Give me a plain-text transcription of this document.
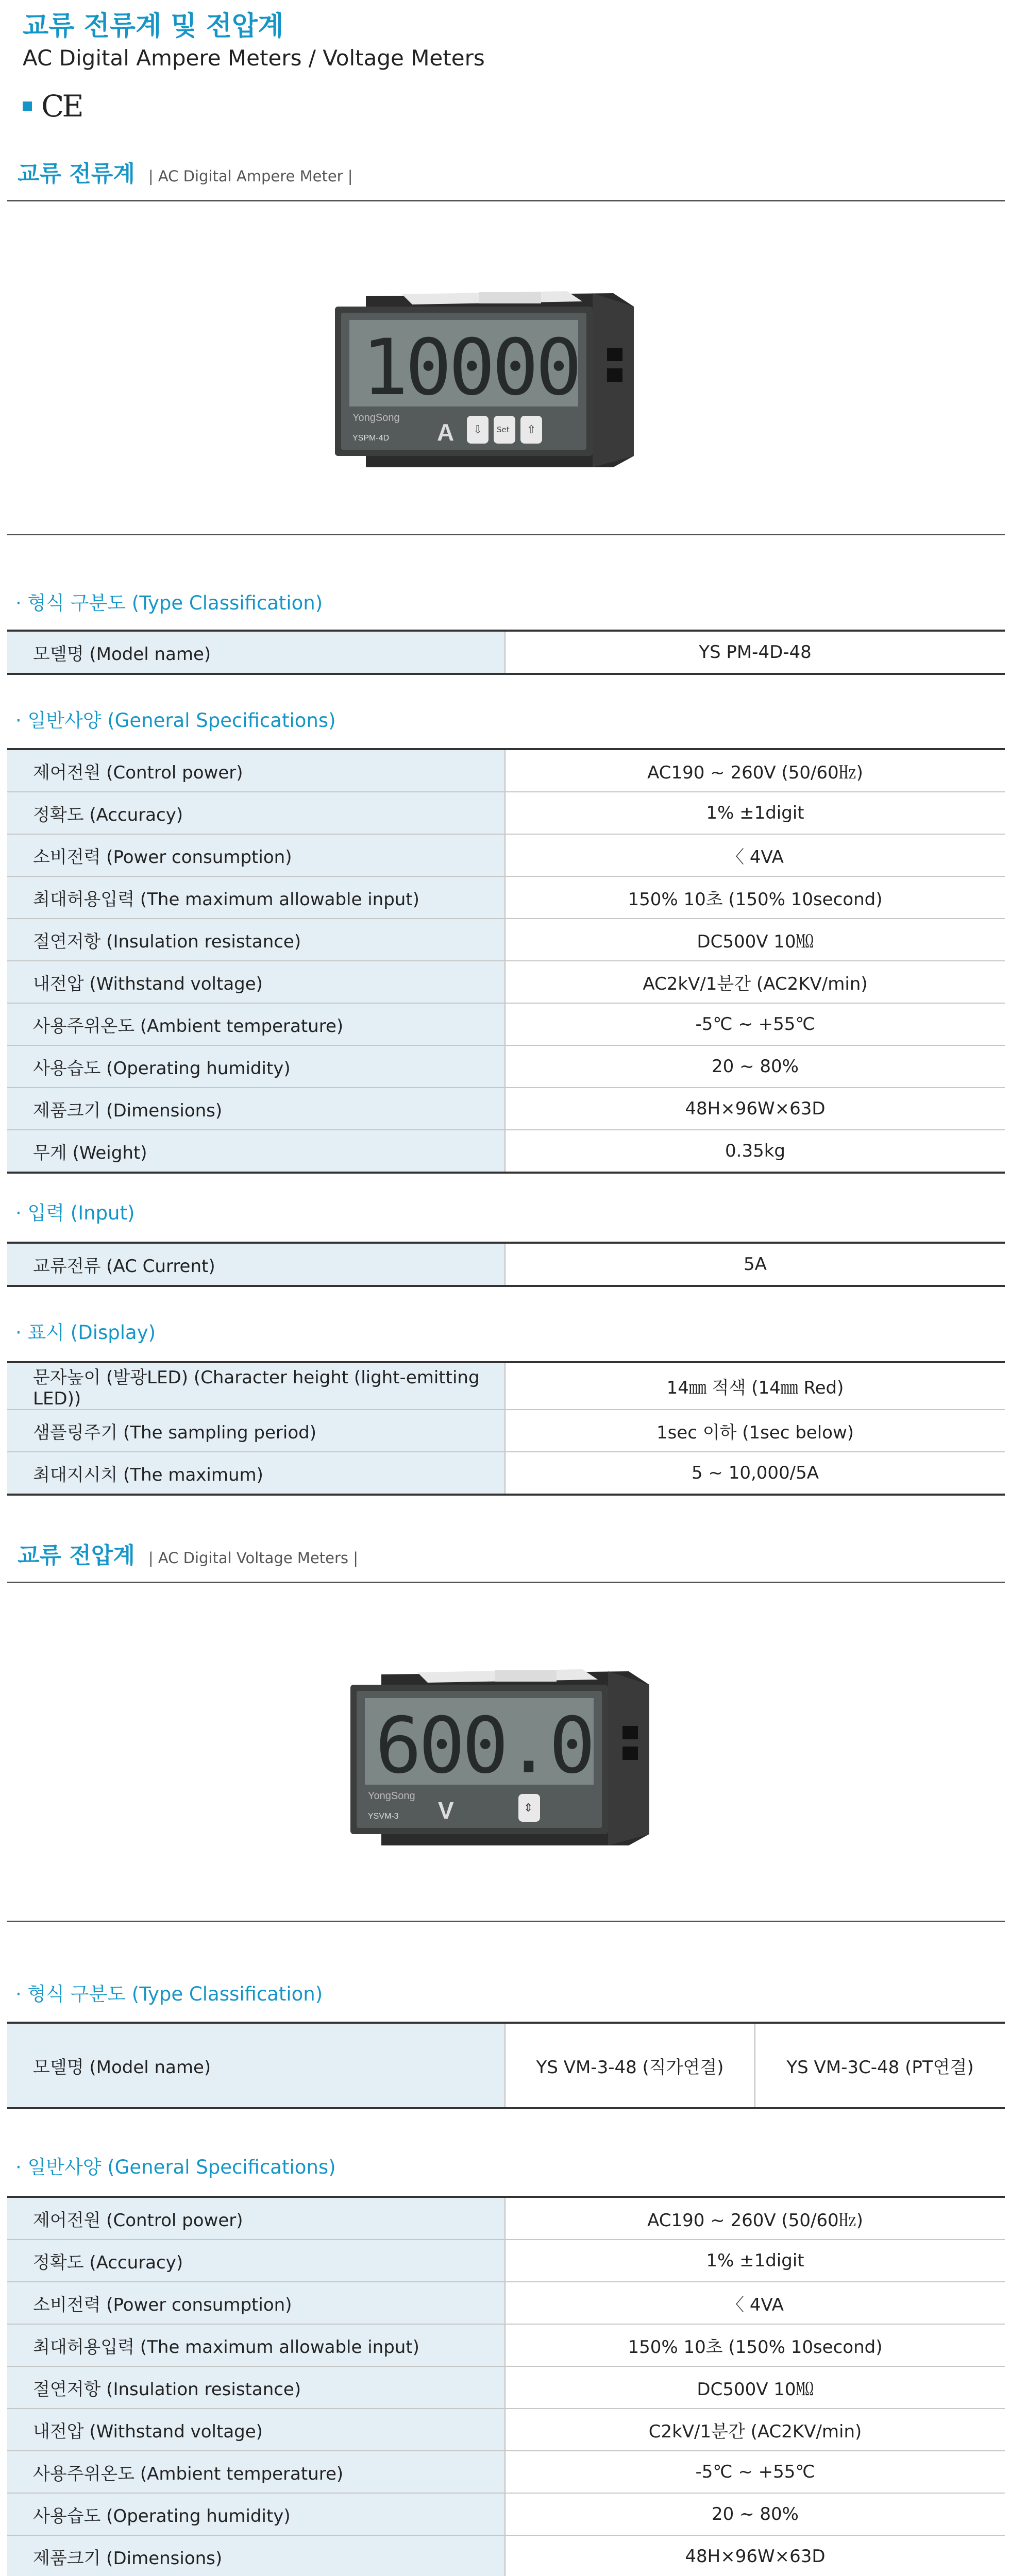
교류 전류계 및 전압계
AC Digital Ampere Meters / Voltage Meters
CE
교류 전류계 | AC Digital Ampere Meter |
10000
YongSong
YSPM-4D A ⇩ Set ⇧
· 형식 구분도 (Type Classification)
모델명 (Model name)	YS PM-4D-48
· 일반사양 (General Specifications)
제어전원 (Control power)	AC190 ~ 260V (50/60㎐)
정확도 (Accuracy)	1% ±1digit
소비전력 (Power consumption)	〈 4VA
최대허용입력 (The maximum allowable input)	150% 10초 (150% 10second)
절연저항 (Insulation resistance)	DC500V 10㏁
내전압 (Withstand voltage)	AC2kV/1분간 (AC2KV/min)
사용주위온도 (Ambient temperature)	-5℃ ~ +55℃
사용습도 (Operating humidity)	20 ~ 80%
제품크기 (Dimensions)	48H×96W×63D
무게 (Weight)	0.35kg
· 입력 (Input)
교류전류 (AC Current)	5A
· 표시 (Display)
문자높이 (발광LED) (Character height (light-emitting LED))	14㎜ 적색 (14㎜ Red)
샘플링주기 (The sampling period)	1sec 이하 (1sec below)
최대지시치 (The maximum)	5 ~ 10,000/5A
교류 전압계 | AC Digital Voltage Meters |
600.0
YongSong
YSVM-3 V	⇕
· 형식 구분도 (Type Classification)
모델명 (Model name)	YS VM-3-48 (직가연결)	YS VM-3C-48 (PT연결)
· 일반사양 (General Specifications)
제어전원 (Control power)	AC190 ~ 260V (50/60㎐)
정확도 (Accuracy)	1% ±1digit
소비전력 (Power consumption)	〈 4VA
최대허용입력 (The maximum allowable input)	150% 10초 (150% 10second)
절연저항 (Insulation resistance)	DC500V 10㏁
내전압 (Withstand voltage)	C2kV/1분간 (AC2KV/min)
사용주위온도 (Ambient temperature)	-5℃ ~ +55℃
사용습도 (Operating humidity)	20 ~ 80%
제품크기 (Dimensions)	48H×96W×63D
